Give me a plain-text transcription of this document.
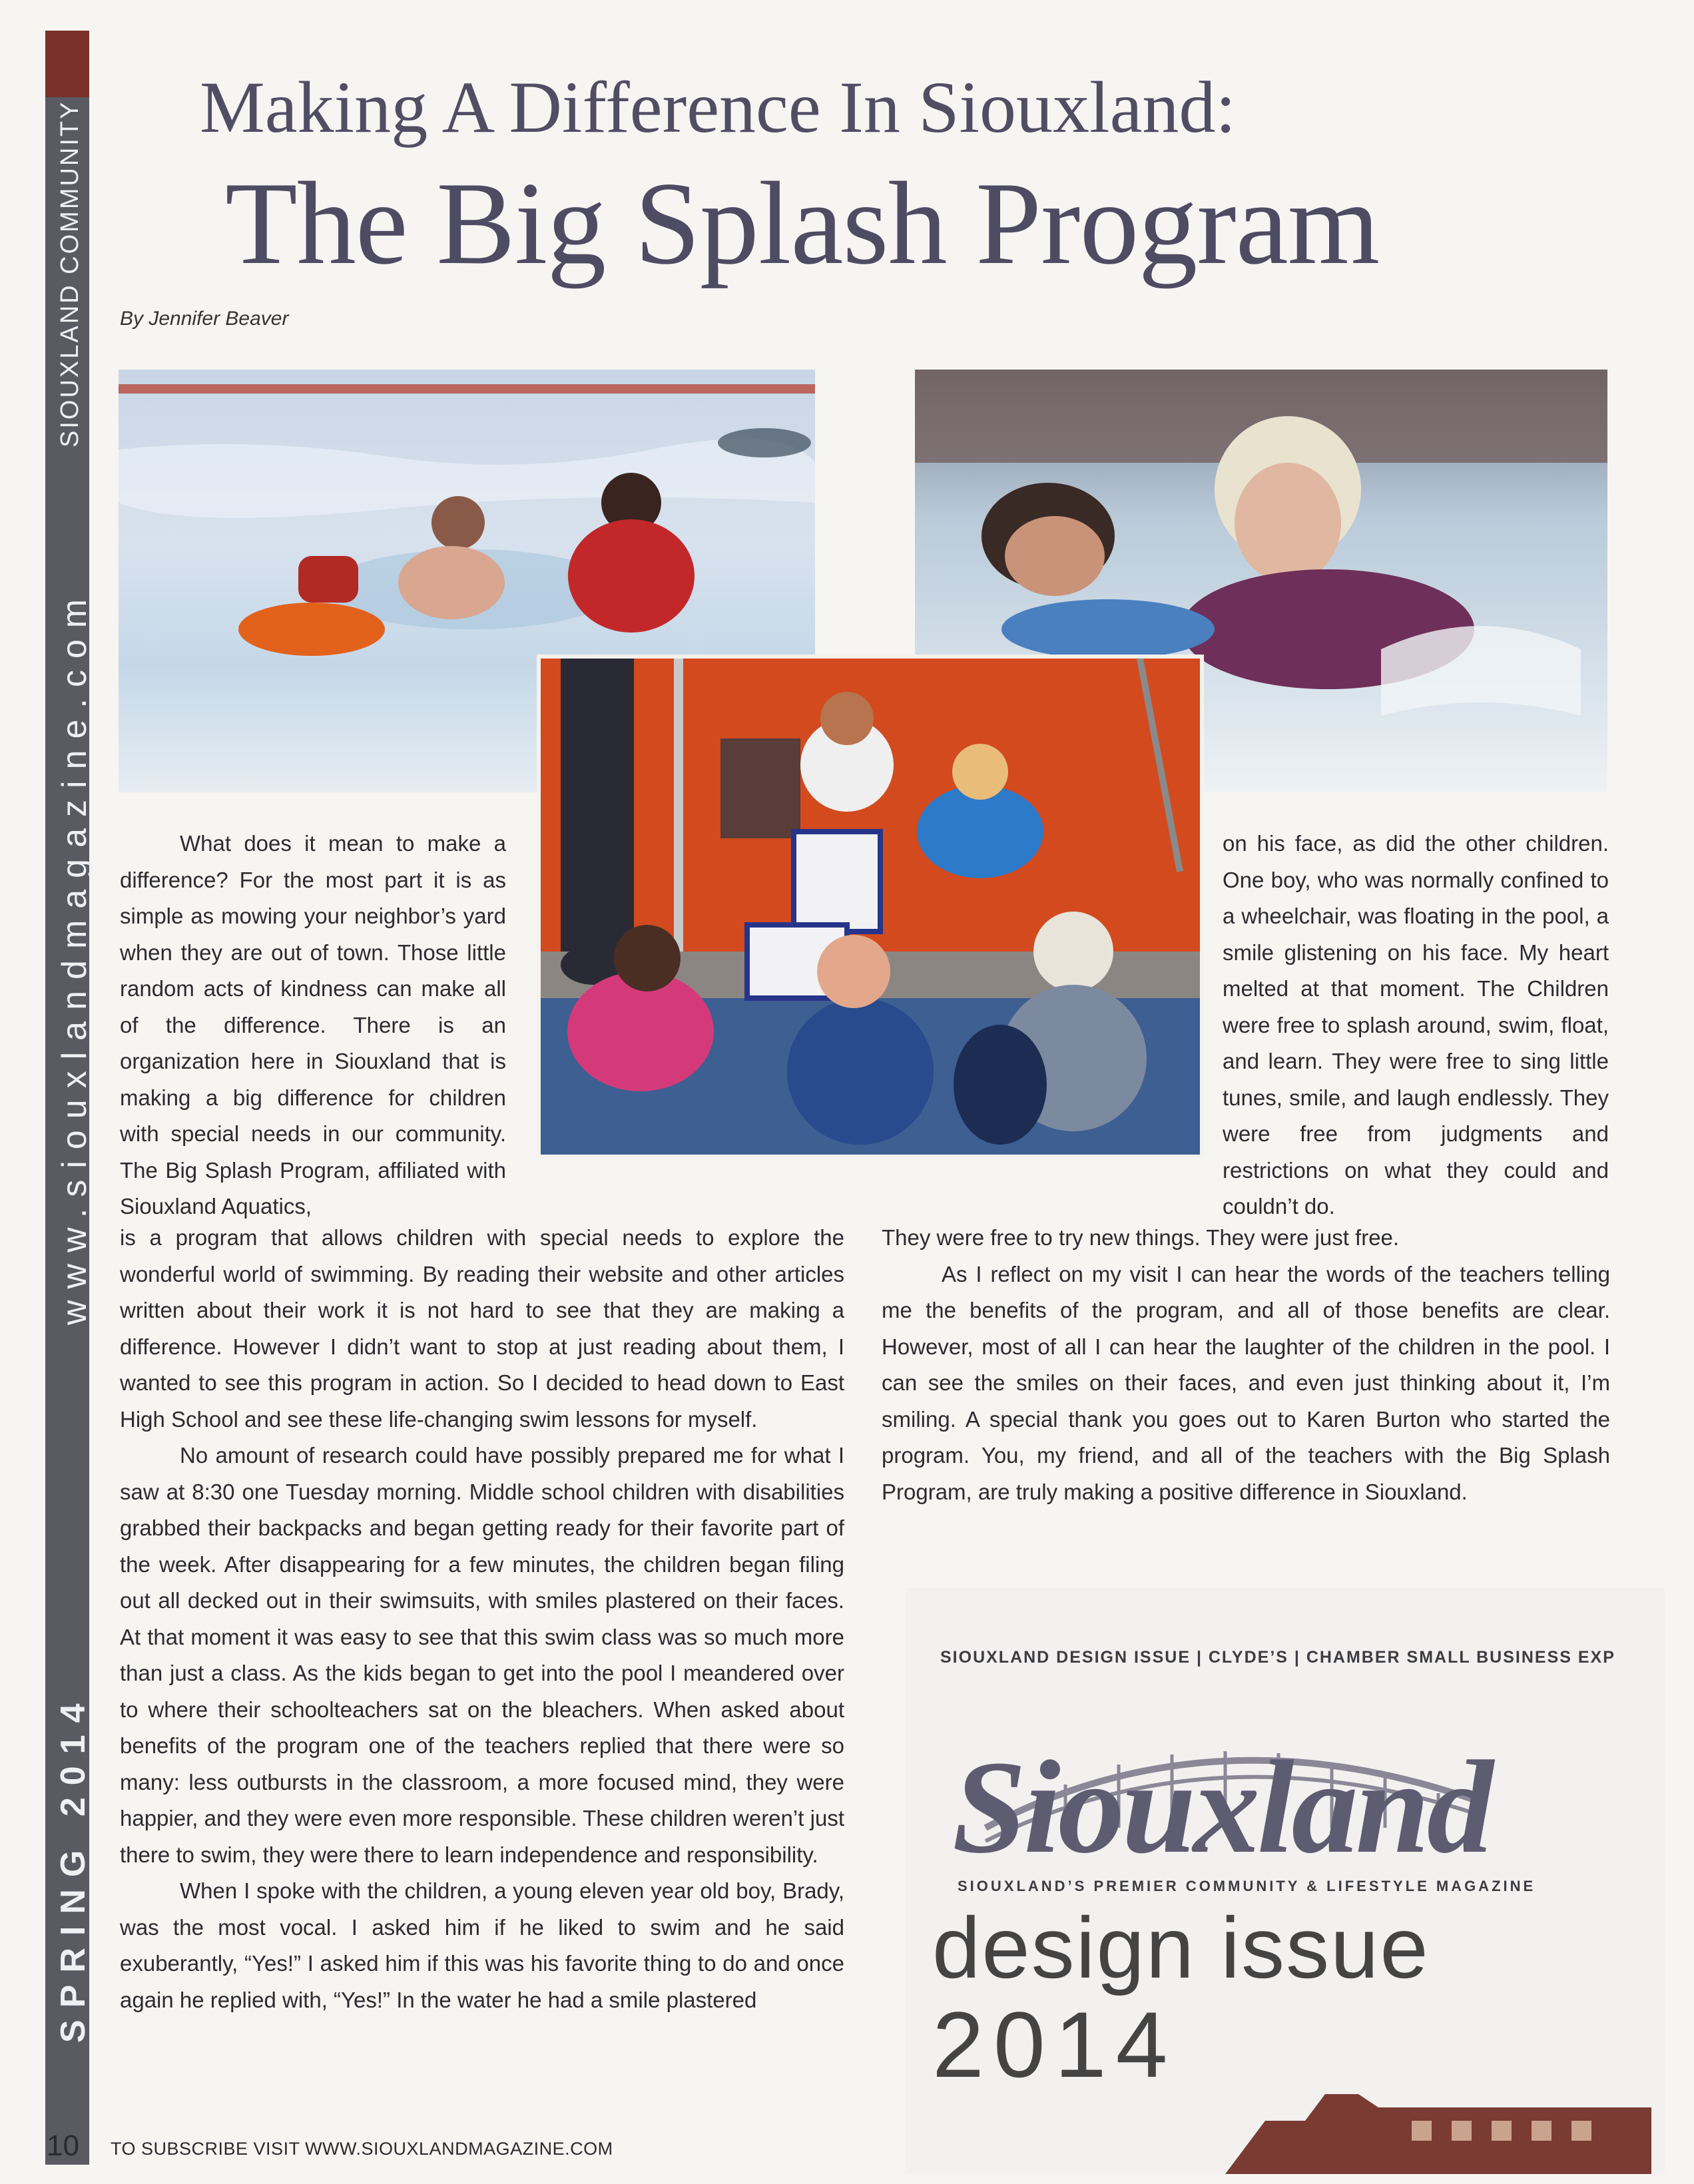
SIOUXLAND COMMUNITY
www.siouxlandmagazine.com
SPRING 2014
10
Making A Difference In Siouxland:
The Big Splash Program
By Jennifer Beaver

What does it mean to make a difference? For the most part it is as simple as mowing your neighbor’s yard when they are out of town. Those little random acts of kindness can make all of the difference. There is an organization here in Siouxland that is making a big difference for children with special needs in our community. The Big Splash Program, affiliated with Siouxland Aquatics,

is a program that allows children with special needs to explore the wonderful world of swimming. By reading their website and other articles written about their work it is not hard to see that they are making a difference. However I didn’t want to stop at just reading about them, I wanted to see this program in action. So I decided to head down to East High School and see these life-changing swim lessons for myself.

No amount of research could have possibly prepared me for what I saw at 8:30 one Tuesday morning. Middle school children with disabilities grabbed their backpacks and began getting ready for their favorite part of the week. After disappearing for a few minutes, the children began filing out all decked out in their swimsuits, with smiles plastered on their faces. At that moment it was easy to see that this swim class was so much more than just a class. As the kids began to get into the pool I meandered over to where their schoolteachers sat on the bleachers. When asked about benefits of the program one of the teachers replied that there were so many: less outbursts in the classroom, a more focused mind, they were happier, and they were even more responsible. These children weren’t just there to swim, they were there to learn independence and responsibility.

When I spoke with the children, a young eleven year old boy, Brady, was the most vocal. I asked him if he liked to swim and he said exuberantly, “Yes!” I asked him if this was his favorite thing to do and once again he replied with, “Yes!” In the water he had a smile plastered

on his face, as did the other children. One boy, who was normally confined to a wheelchair, was floating in the pool, a smile glistening on his face. My heart melted at that moment. The Children were free to splash around, swim, float, and learn. They were free to sing little tunes, smile, and laugh endlessly. They were free from judgments and restrictions on what they could and couldn’t do.

They were free to try new things. They were just free.

As I reflect on my visit I can hear the words of the teachers telling me the benefits of the program, and all of those benefits are clear. However, most of all I can hear the laughter of the children in the pool. I can see the smiles on their faces, and even just thinking about it, I’m smiling. A special thank you goes out to Karen Burton who started the program. You, my friend, and all of the teachers with the Big Splash Program, are truly making a positive difference in Siouxland.

SIOUXLAND DESIGN ISSUE | CLYDE’S | CHAMBER SMALL BUSINESS EXP
Siouxland
SIOUXLAND’S PREMIER COMMUNITY & LIFESTYLE MAGAZINE
design issue
2014
TO SUBSCRIBE VISIT WWW.SIOUXLANDMAGAZINE.COM
